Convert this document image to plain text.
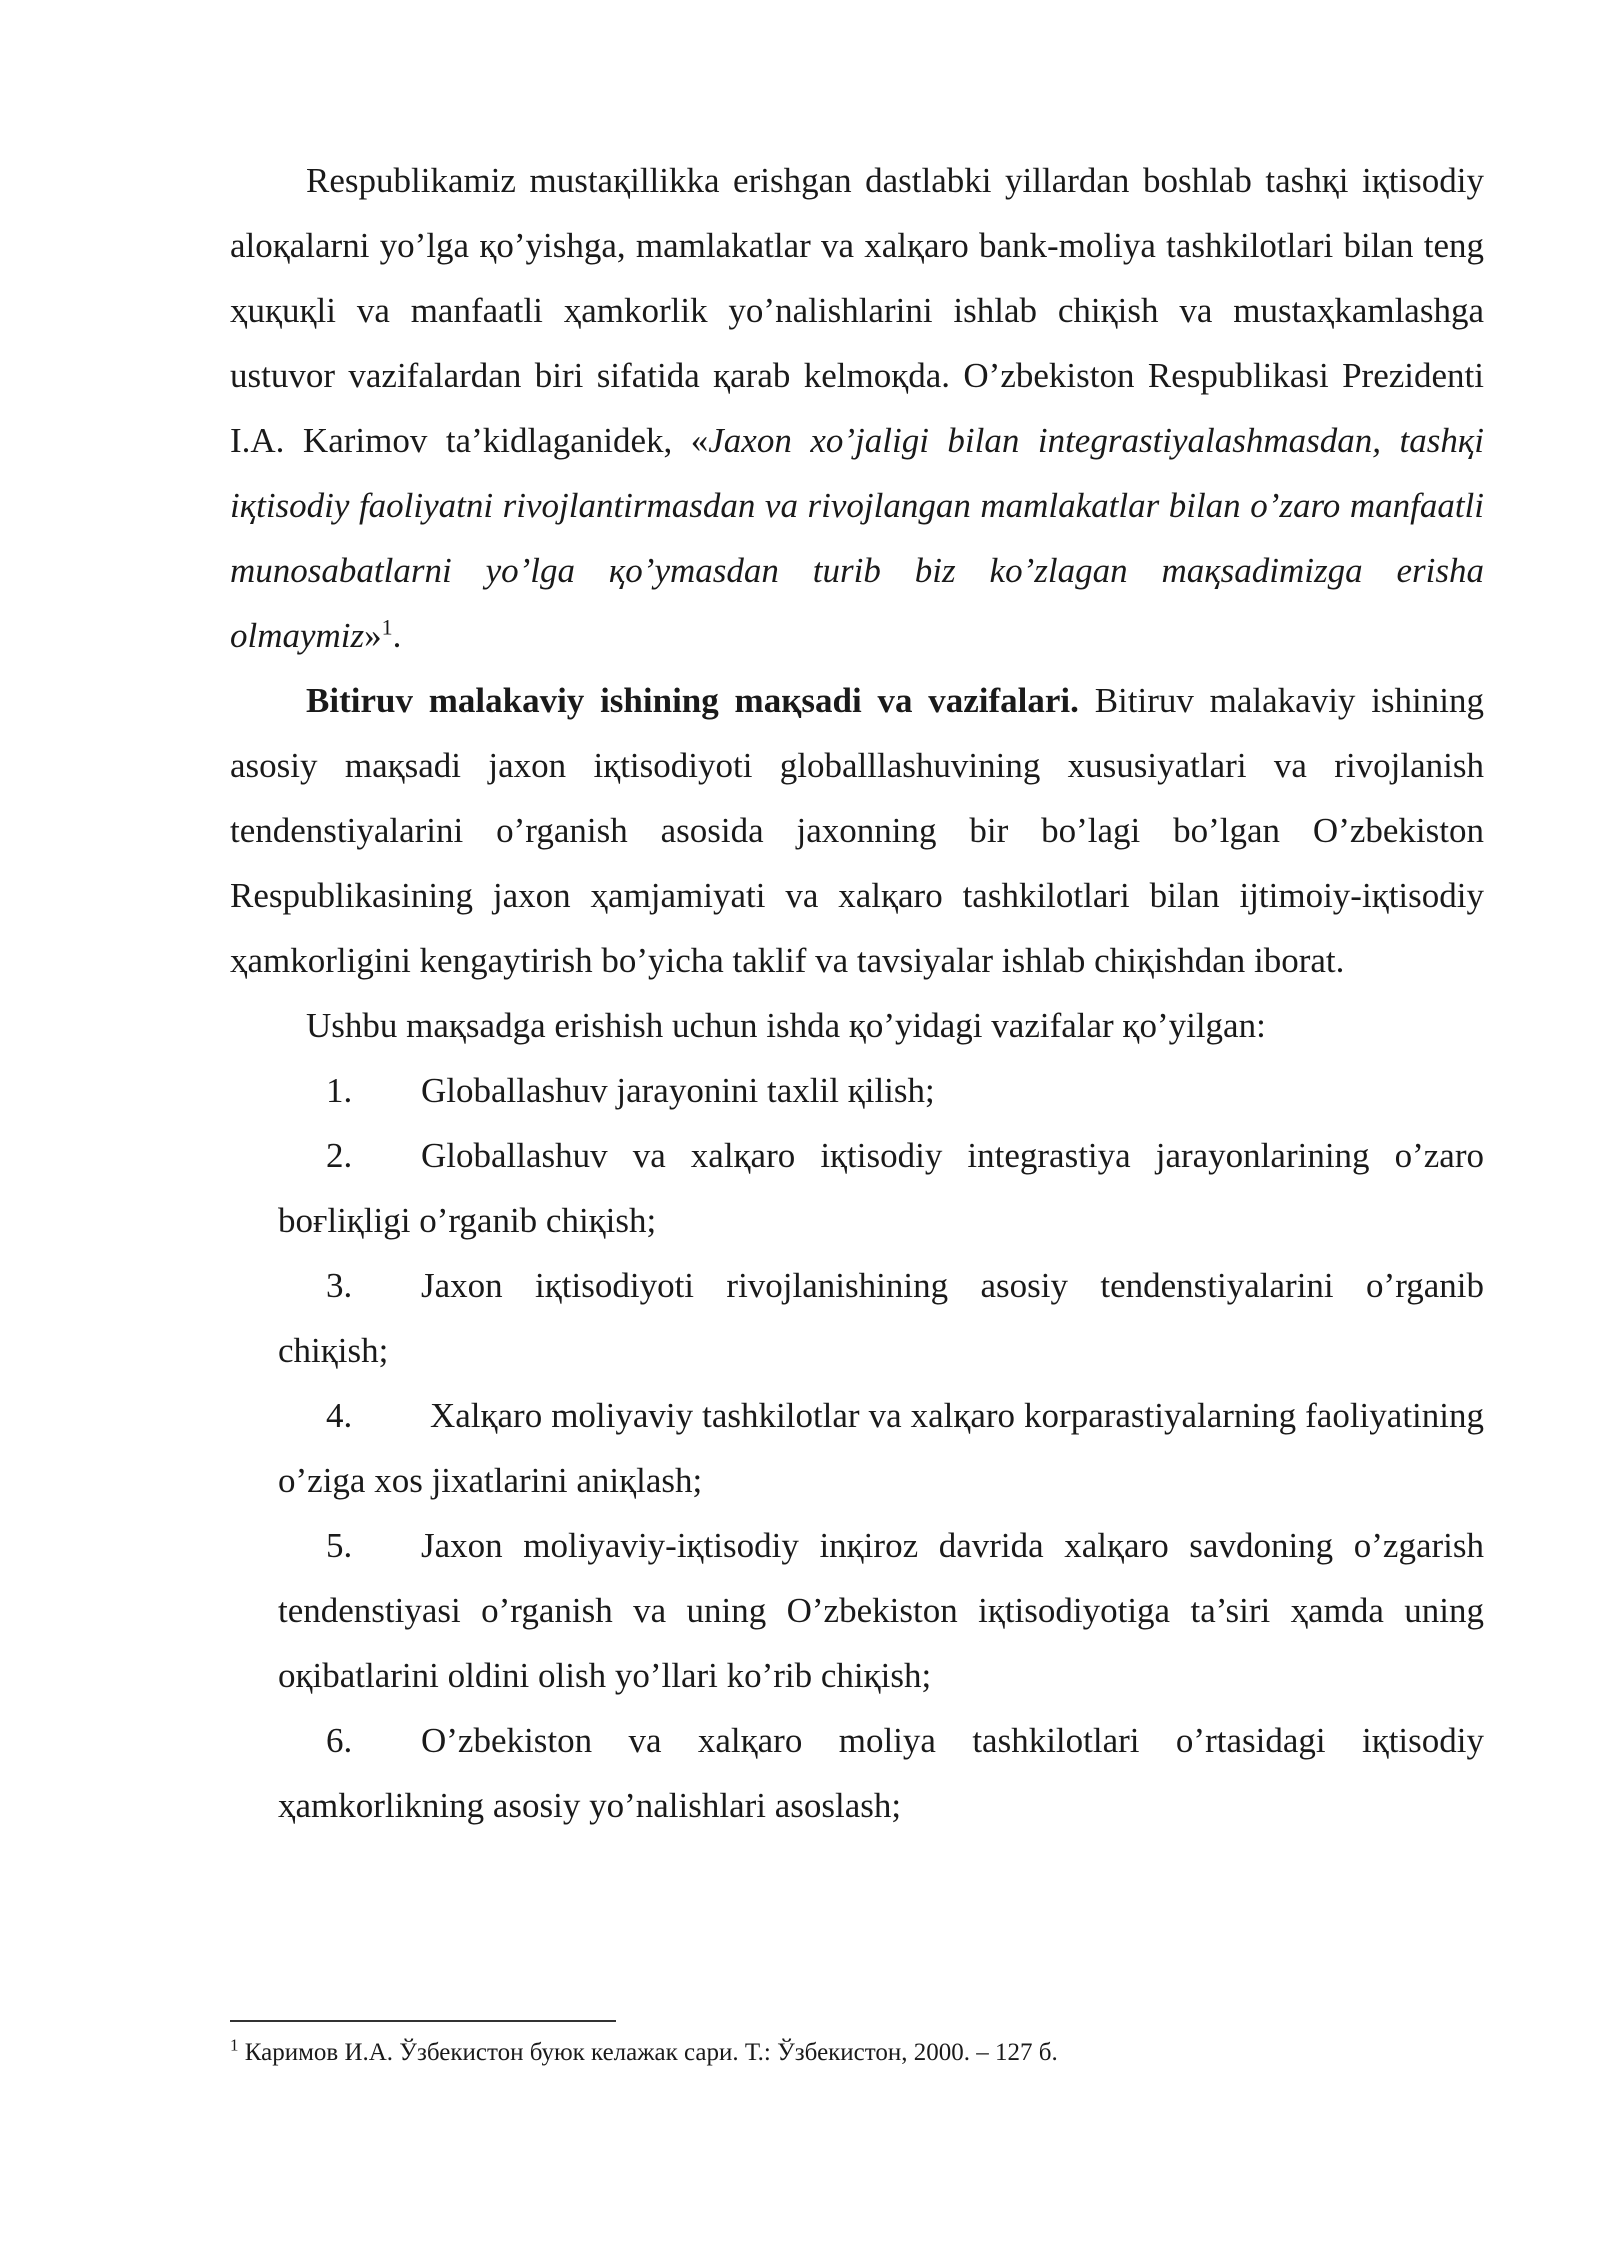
Respublikamiz mustaқillikka erishgan dastlabki yillardan boshlab tashқi iқtisodiy aloқalarni yo’lga қo’yishga, mamlakatlar va xalқaro bank-moliya tashkilotlari bilan teng ҳuқuқli va manfaatli ҳamkorlik yo’nalishlarini ishlab chiқish va mustaҳkamlashga ustuvor vazifalardan biri sifatida қarab kelmoқda. O’zbekiston Respublikasi Prezidenti I.A. Karimov ta’kidlaganidek, «Jaxon xo’jaligi bilan integrastiyalashmasdan, tashқi iқtisodiy faoliyatni rivojlantirmasdan va rivojlangan mamlakatlar bilan o’zaro manfaatli munosabatlarni yo’lga қo’ymasdan turib biz ko’zlagan maқsadimizga erisha olmaymiz»$^1$.

Bitiruv malakaviy ishining maқsadi va vazifalari. Bitiruv malakaviy ishining asosiy maқsadi jaxon iқtisodiyoti globalllashuvining xususiyatlari va rivojlanish tendenstiyalarini o’rganish asosida jaxonning bir bo’lagi bo’lgan O’zbekiston Respublikasining jaxon ҳamjamiyati va xalқaro tashkilotlari bilan ijtimoiy-iқtisodiy ҳamkorligini kengaytirish bo’yicha taklif va tavsiyalar ishlab chiқishdan iborat.

Ushbu maқsadga erishish uchun ishda қo’yidagi vazifalar қo’yilgan:

1. Globallashuv jarayonini taxlil қilish;

2. Globallashuv va xalқaro iқtisodiy integrastiya jarayonlarining o’zaro boғliқligi o’rganib chiқish;

3. Jaxon iқtisodiyoti rivojlanishining asosiy tendenstiyalarini o’rganib chiқish;

4. Xalқaro moliyaviy tashkilotlar va xalқaro korparastiyalarning faoliyatining o’ziga xos jixatlarini aniқlash;

5. Jaxon moliyaviy-iқtisodiy inқiroz davrida xalқaro savdoning o’zgarish tendenstiyasi o’rganish va uning O’zbekiston iқtisodiyotiga ta’siri ҳamda uning oқibatlarini oldini olish yo’llari ko’rib chiқish;

6. O’zbekiston va xalқaro moliya tashkilotlari o’rtasidagi iқtisodiy ҳamkorlikning asosiy yo’nalishlari asoslash;

$^1$ Каримов И.А. Ўзбекистон буюк келажак сари. Т.: Ўзбекистон, 2000. – 127 б.
